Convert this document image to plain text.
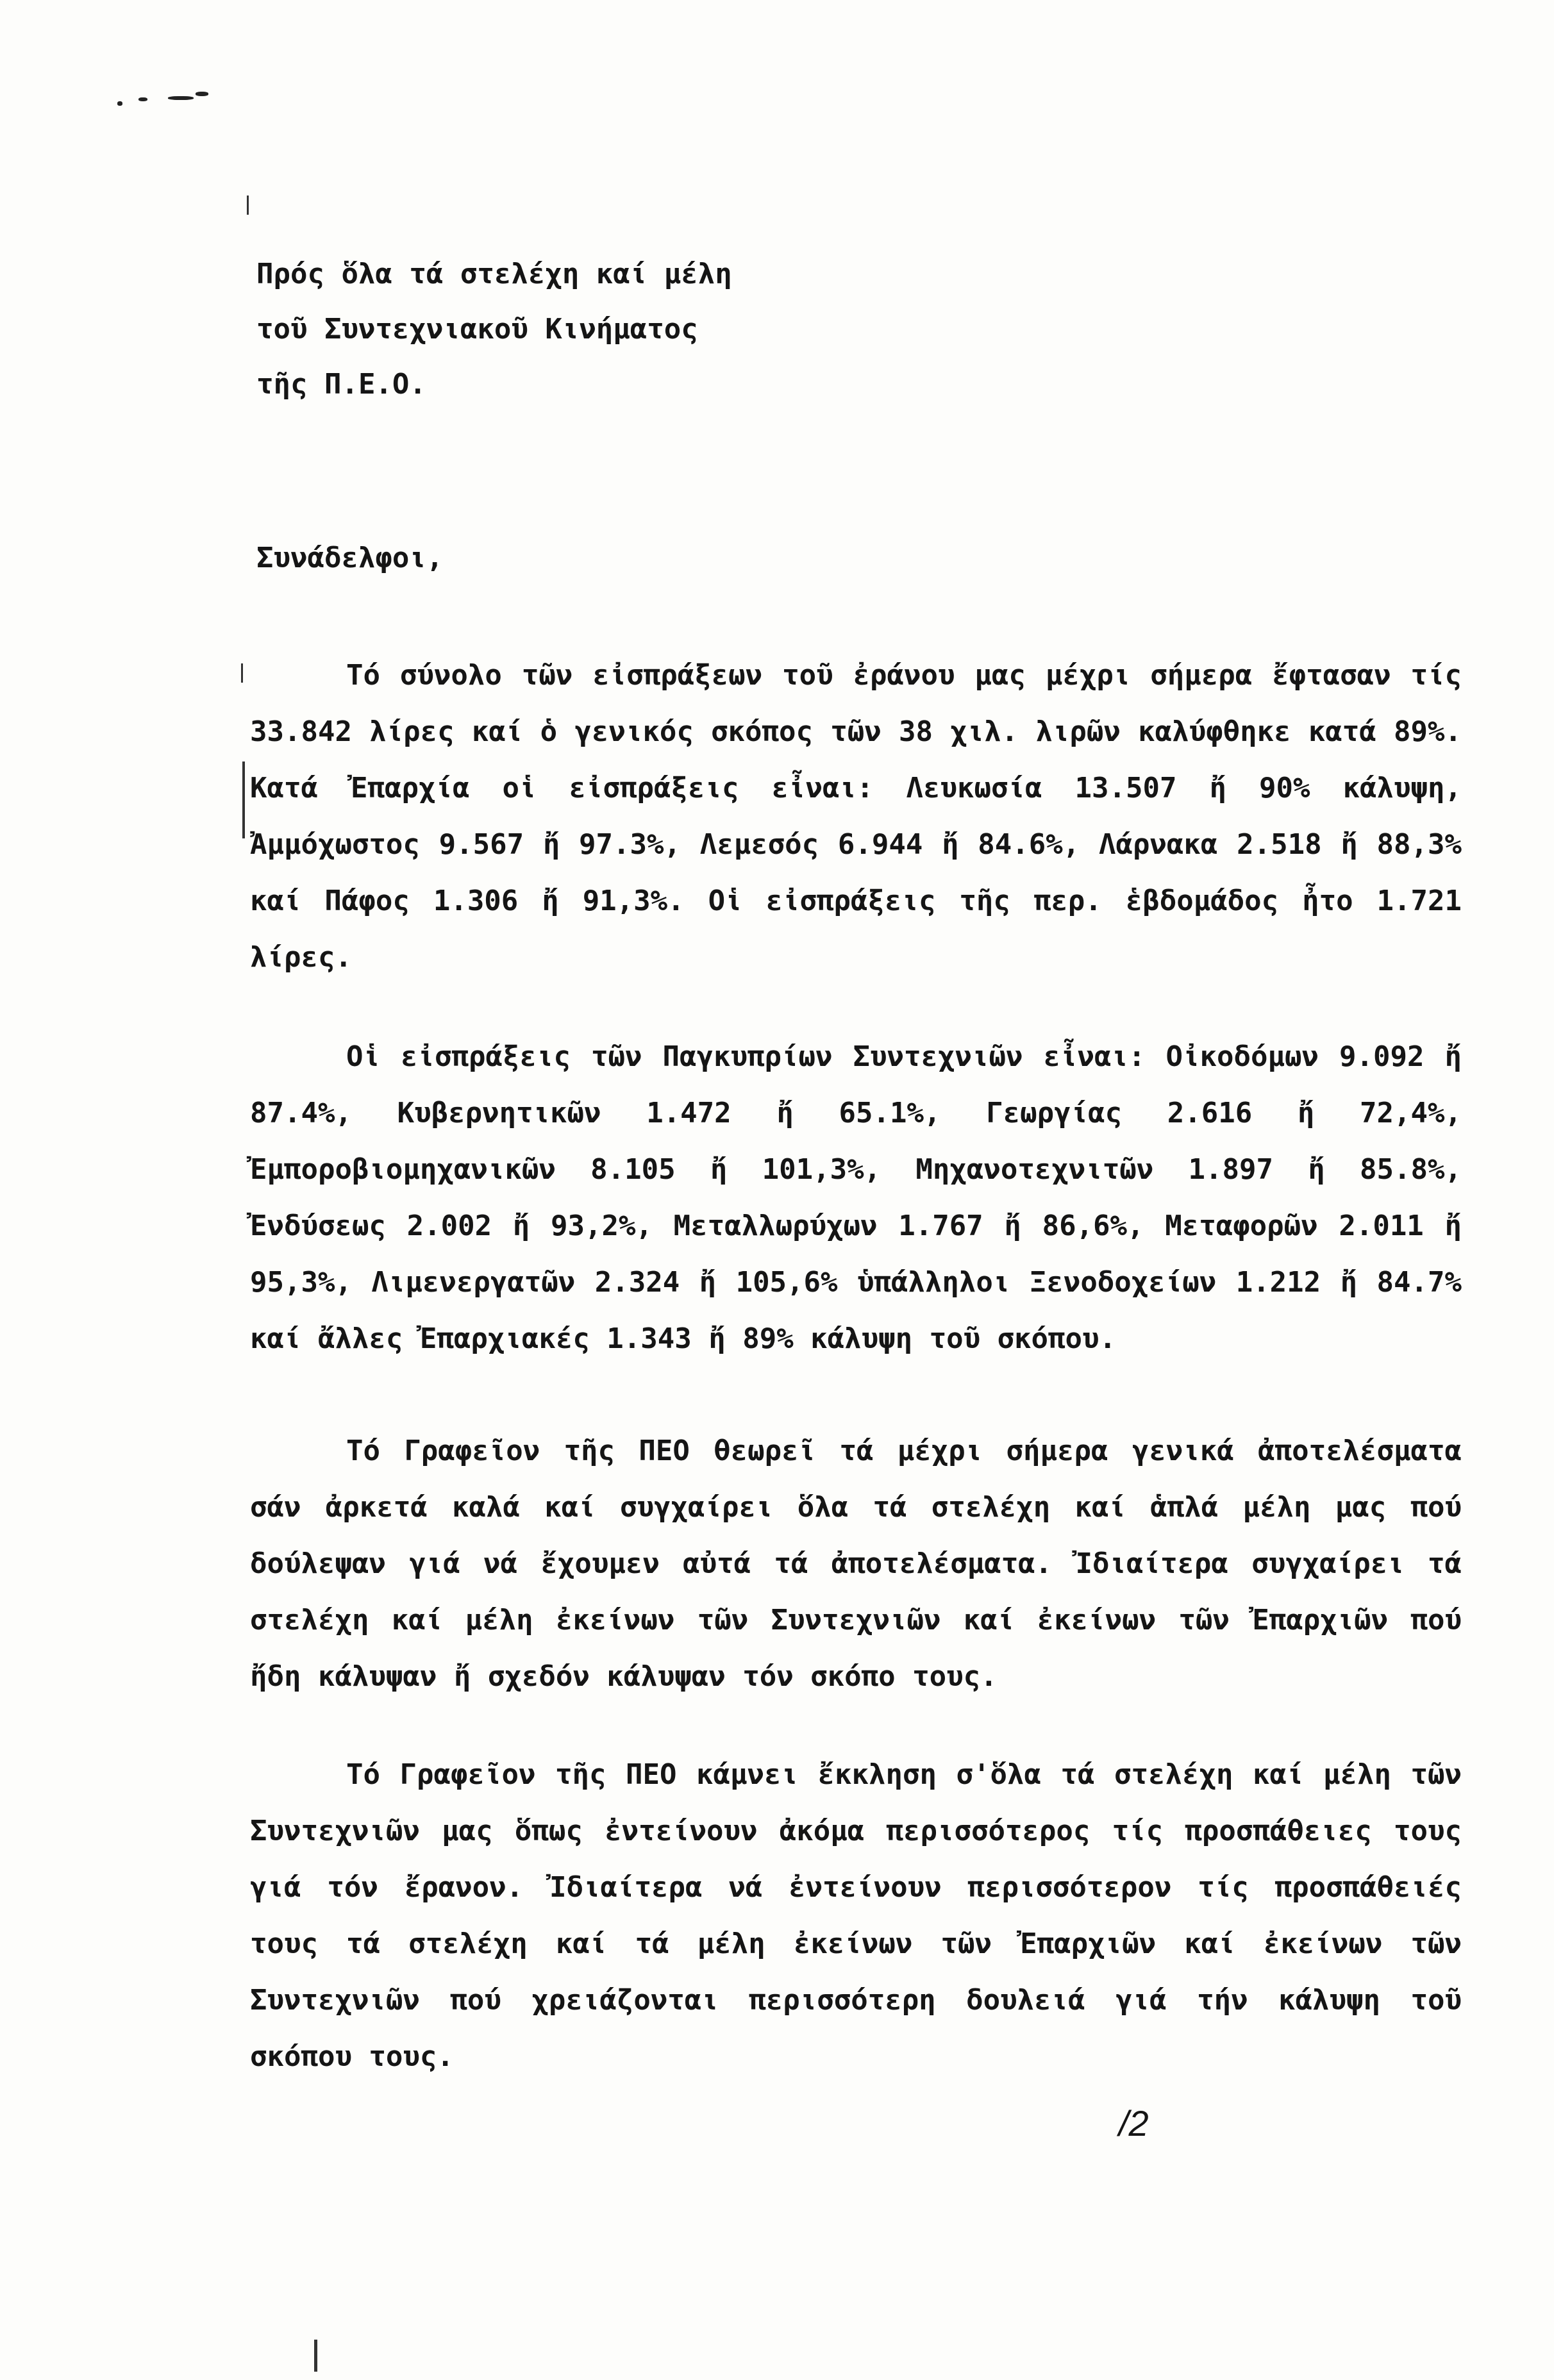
Πρός ὅλα τά στελέχη καί μέλη
τοῦ Συντεχνιακοῦ Κινήματος
τῆς Π.Ε.Ο.
Συνάδελφοι,

Τό σύνολο τῶν εἰσπράξεων τοῦ ἐράνου μας μέχρι σήμερα ἔφτασαν τίς 33.842 λίρες καί ὁ γενικός σκόπος τῶν 38 χιλ. λιρῶν καλύφθηκε κατά 89%. Κατά Ἐπαρχία οἱ εἰσπράξεις εἶναι: Λευκωσία 13.507 ἤ 90% κάλυψη, Ἀμμόχωστος 9.567 ἤ 97.3%, Λεμεσός 6.944 ἤ 84.6%, Λάρνακα 2.518 ἤ 88,3% καί Πάφος 1.306 ἤ 91,3%. Οἱ εἰσπράξεις τῆς περ. ἑβδομάδος ἦτο 1.721 λίρες.

Οἱ εἰσπράξεις τῶν Παγκυπρίων Συντεχνιῶν εἶναι: Οἰκοδόμων 9.092 ἤ 87.4%, Κυβερνητικῶν 1.472 ἤ 65.1%, Γεωργίας 2.616 ἤ 72,4%, Ἐμποροβιομηχανικῶν 8.105 ἤ 101,3%, Μηχανοτεχνιτῶν 1.897 ἤ 85.8%, Ἐνδύσεως 2.002 ἤ 93,2%, Μεταλλωρύχων 1.767 ἤ 86,6%, Μεταφορῶν 2.011 ἤ 95,3%, Λιμενεργατῶν 2.324 ἤ 105,6% ὑπάλληλοι Ξενοδοχείων 1.212 ἤ 84.7% καί ἄλλες Ἐπαρχιακές 1.343 ἤ 89% κάλυψη τοῦ σκόπου.

Τό Γραφεῖον τῆς ΠΕΟ θεωρεῖ τά μέχρι σήμερα γενικά ἀποτελέσματα σάν ἀρκετά καλά καί συγχαίρει ὅλα τά στελέχη καί ἁπλά μέλη μας πού δούλεψαν γιά νά ἔχουμεν αὐτά τά ἀποτελέσματα. Ἰδιαίτερα συγχαίρει τά στελέχη καί μέλη ἐκείνων τῶν Συντεχνιῶν καί ἐκείνων τῶν Ἐπαρχιῶν πού ἤδη κάλυψαν ἤ σχεδόν κάλυψαν τόν σκόπο τους.

Τό Γραφεῖον τῆς ΠΕΟ κάμνει ἔκκληση σ'ὅλα τά στελέχη καί μέλη τῶν Συντεχνιῶν μας ὅπως ἐντείνουν ἀκόμα περισσότερος τίς προσπάθειες τους γιά τόν ἔρανον. Ἰδιαίτερα νά ἐντείνουν περισσότερον τίς προσπάθειές τους τά στελέχη καί τά μέλη ἐκείνων τῶν Ἐπαρχιῶν καί ἐκείνων τῶν Συντεχνιῶν πού χρειάζονται περισσότερη δουλειά γιά τήν κάλυψη τοῦ σκόπου τους.

/2
